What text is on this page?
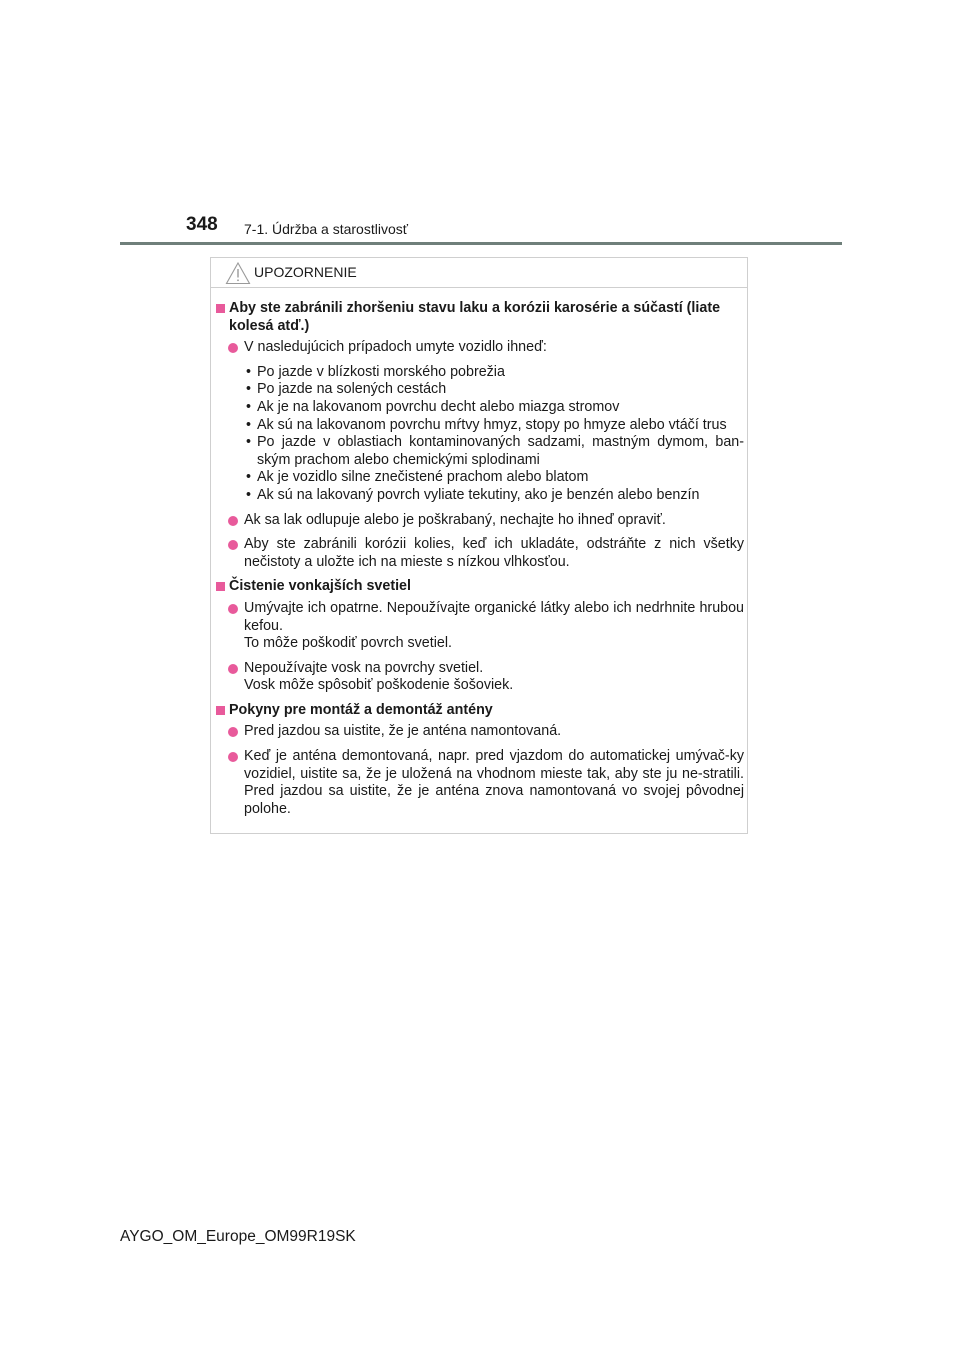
348 7-1. Údržba a starostlivosť
UPOZORNENIE
Aby ste zabránili zhoršeniu stavu laku a korózii karosérie a súčastí (liate kolesá atď.)
V nasledujúcich prípadoch umyte vozidlo ihneď:
• Po jazde v blízkosti morského pobrežia
• Po jazde na solených cestách
• Ak je na lakovanom povrchu decht alebo miazga stromov
• Ak sú na lakovanom povrchu mŕtvy hmyz, stopy po hmyze alebo vtáčí trus
• Po jazde v oblastiach kontaminovaných sadzami, mastným dymom, ban-ským prachom alebo chemickými splodinami
• Ak je vozidlo silne znečistené prachom alebo blatom
• Ak sú na lakovaný povrch vyliate tekutiny, ako je benzén alebo benzín
Ak sa lak odlupuje alebo je poškrabaný, nechajte ho ihneď opraviť.
Aby ste zabránili korózii kolies, keď ich ukladáte, odstráňte z nich všetky nečistoty a uložte ich na mieste s nízkou vlhkosťou.
Čistenie vonkajších svetiel
Umývajte ich opatrne. Nepoužívajte organické látky alebo ich nedrhnite hrubou kefou.
To môže poškodiť povrch svetiel.
Nepoužívajte vosk na povrchy svetiel.
Vosk môže spôsobiť poškodenie šošoviek.
Pokyny pre montáž a demontáž antény
Pred jazdou sa uistite, že je anténa namontovaná.
Keď je anténa demontovaná, napr. pred vjazdom do automatickej umývač-ky vozidiel, uistite sa, že je uložená na vhodnom mieste tak, aby ste ju ne-stratili. Pred jazdou sa uistite, že je anténa znova namontovaná vo svojej pôvodnej polohe.
AYGO_OM_Europe_OM99R19SK
